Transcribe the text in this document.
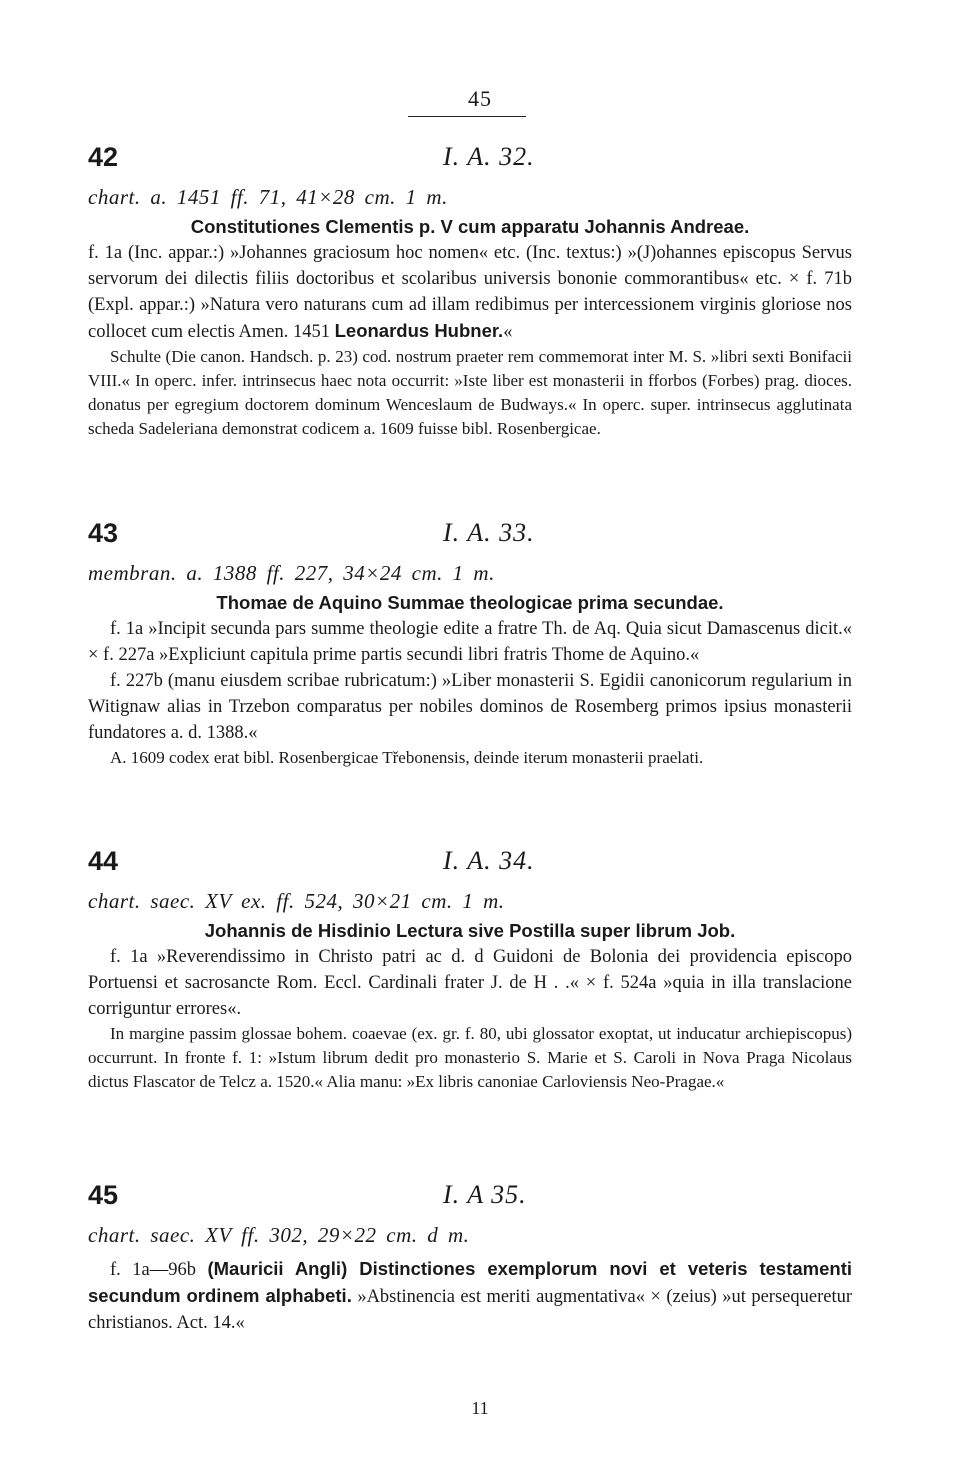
45
42	I. A. 32.
chart. a. 1451 ff. 71, 41×28 cm. 1 m.
Constitutiones Clementis p. V cum apparatu Johannis Andreae.
f. 1a (Inc. appar.:) »Johannes graciosum hoc nomen« etc. (Inc. textus:) »(J)ohannes episcopus Servus servorum dei dilectis filiis doctoribus et scolaribus universis bononie commorantibus« etc. × f. 71b (Expl. appar.:) »Natura vero naturans cum ad illam redibimus per intercessionem virginis gloriose nos collocet cum electis Amen. 1451 Leonardus Hubner.«
Schulte (Die canon. Handsch. p. 23) cod. nostrum praeter rem commemorat inter M. S. »libri sexti Bonifacii VIII.« In operc. infer. intrinsecus haec nota occurrit: »Iste liber est monasterii in fforbos (Forbes) prag. dioces. donatus per egregium doctorem dominum Wenceslaum de Budways.« In operc. super. intrinsecus agglutinata scheda Sadeleriana demonstrat codicem a. 1609 fuisse bibl. Rosenbergicae.
43	I. A. 33.
membran. a. 1388 ff. 227, 34×24 cm. 1 m.
Thomae de Aquino Summae theologicae prima secundae.
f. 1a »Incipit secunda pars summe theologie edite a fratre Th. de Aq. Quia sicut Damascenus dicit.« × f. 227a »Expliciunt capitula prime partis secundi libri fratris Thome de Aquino.«
f. 227b (manu eiusdem scribae rubricatum:) »Liber monasterii S. Egidii canonicorum regularium in Witignaw alias in Trzebon comparatus per nobiles dominos de Rosemberg primos ipsius monasterii fundatores a. d. 1388.«
A. 1609 codex erat bibl. Rosenbergicae Třebonensis, deinde iterum monasterii praelati.
44	I. A. 34.
chart. saec. XV ex. ff. 524, 30×21 cm. 1 m.
Johannis de Hisdinio Lectura sive Postilla super librum Job.
f. 1a »Reverendissimo in Christo patri ac d. d Guidoni de Bolonia dei providencia episcopo Portuensi et sacrosancte Rom. Eccl. Cardinali frater J. de H . .« × f. 524a »quia in illa translacione corriguntur errores«.
In margine passim glossae bohem. coaevae (ex. gr. f. 80, ubi glossator exoptat, ut inducatur archiepiscopus) occurrunt. In fronte f. 1: »Istum librum dedit pro monasterio S. Marie et S. Caroli in Nova Praga Nicolaus dictus Flascator de Telcz a. 1520.« Alia manu: »Ex libris canoniae Carloviensis Neo-Pragae.«
45	I. A 35.
chart. saec. XV ff. 302, 29×22 cm. d m.
f. 1a—96b (Mauricii Angli) Distinctiones exemplorum novi et veteris testamenti secundum ordinem alphabeti. »Abstinencia est meriti augmentativa« × (zeius) »ut persequeretur christianos. Act. 14.«
11
